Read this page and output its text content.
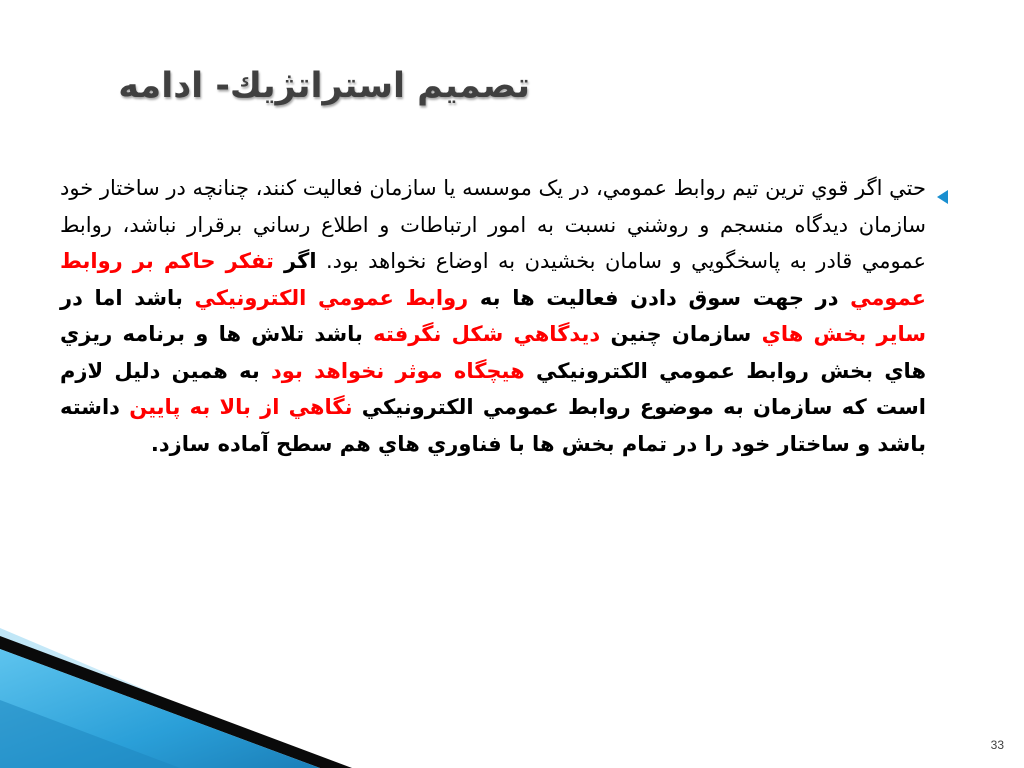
تصميم استراتژيك- ادامه

حتي اگر قوي ترين تيم روابط عمومي، در يک موسسه يا سازمان فعاليت کنند، چنانچه در ساختار خود سازمان ديدگاه منسجم و روشني نسبت به امور ارتباطات و اطلاع رساني برقرار نباشد، روابط عمومي قادر به پاسخگويي و سامان بخشيدن به اوضاع نخواهد بود. اگر تفکر حاکم بر روابط عمومي در جهت سوق دادن فعاليت ها به روابط عمومي الکترونيکي باشد اما در ساير بخش هاي سازمان چنين ديدگاهي شکل نگرفته باشد تلاش ها و برنامه ريزي هاي بخش روابط عمومي الکترونيکي هيچگاه موثر نخواهد بود به همين دليل لازم است که سازمان به موضوع روابط عمومي الکترونيکي نگاهي از بالا به پايين داشته باشد و ساختار خود را در تمام بخش ها با فناوري هاي هم سطح آماده سازد.

33
